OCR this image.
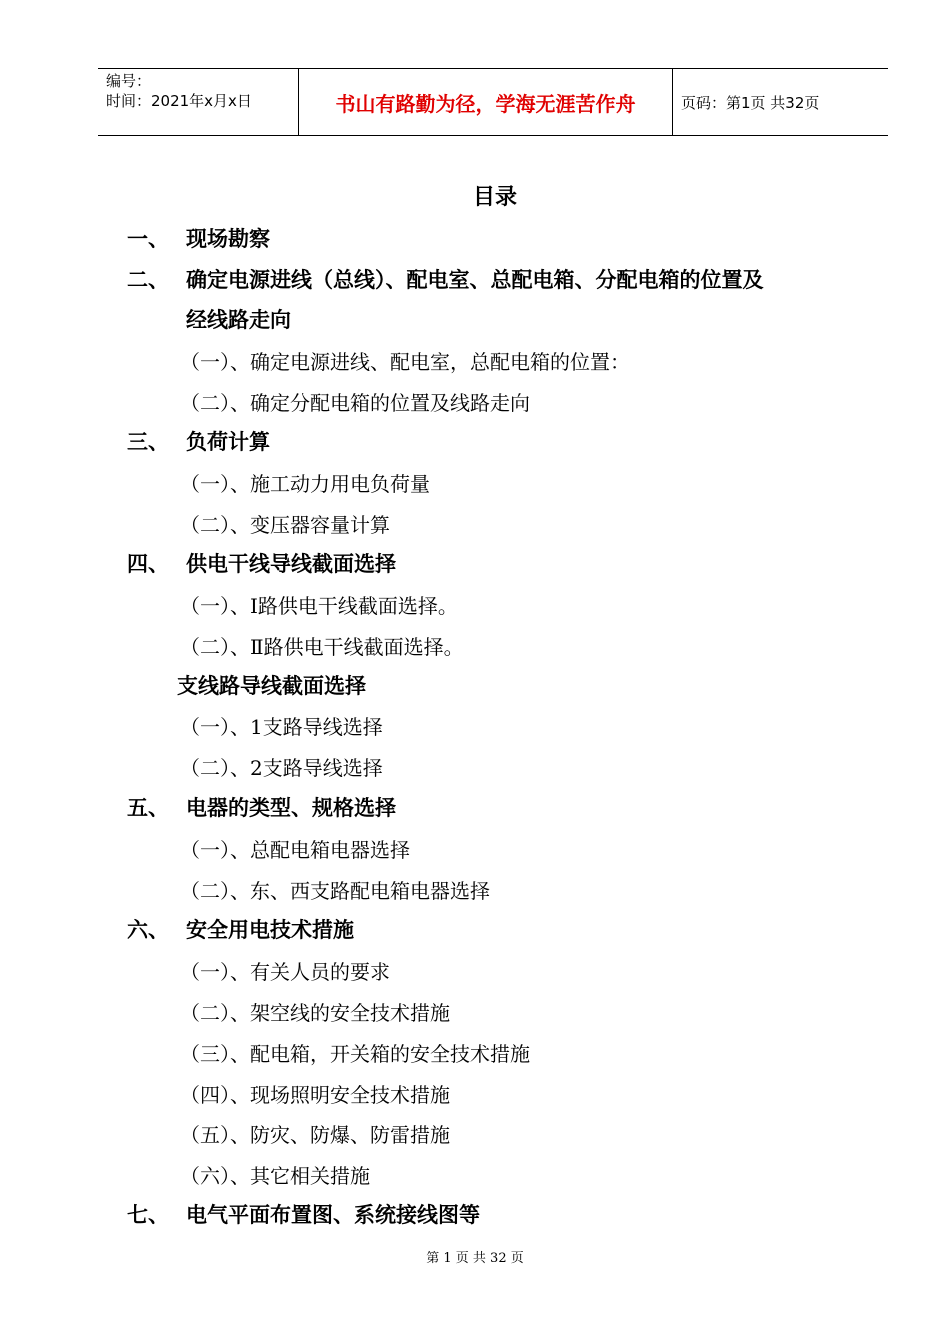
编号：
时间：2021年x月x日	书山有路勤为径，学海无涯苦作舟	页码：第1页 共32页
目录
一、 现场勘察
二、 确定电源进线（总线）、配电室、总配电箱、分配电箱的位置及
经线路走向
（一）、确定电源进线、配电室，总配电箱的位置：
（二）、确定分配电箱的位置及线路走向
三、 负荷计算
（一）、施工动力用电负荷量
（二）、变压器容量计算
四、 供电干线导线截面选择
（一）、Ⅰ路供电干线截面选择。
（二）、Ⅱ路供电干线截面选择。
支线路导线截面选择
（一）、1支路导线选择
（二）、2支路导线选择
五、 电器的类型、规格选择
（一）、总配电箱电器选择
（二）、东、西支路配电箱电器选择
六、 安全用电技术措施
（一）、有关人员的要求
（二）、架空线的安全技术措施
（三）、配电箱，开关箱的安全技术措施
（四）、现场照明安全技术措施
（五）、防灾、防爆、防雷措施
（六）、其它相关措施
七、 电气平面布置图、系统接线图等
第 1 页 共 32 页
